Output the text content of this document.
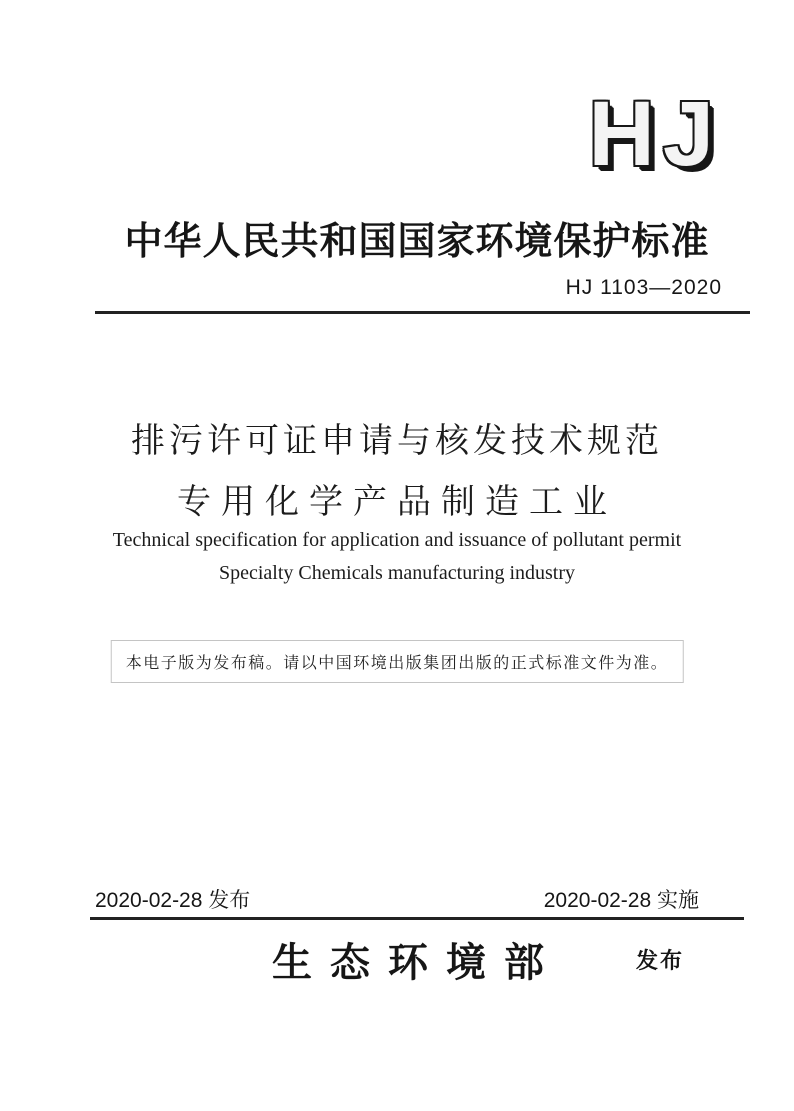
HJ
中华人民共和国国家环境保护标准
HJ 1103—2020
排污许可证申请与核发技术规范
专用化学产品制造工业
Technical specification for application and issuance of pollutant permit
Specialty Chemicals manufacturing industry
本电子版为发布稿。请以中国环境出版集团出版的正式标准文件为准。
2020-02-28 发布	2020-02-28 实施
生态环境部	发布
